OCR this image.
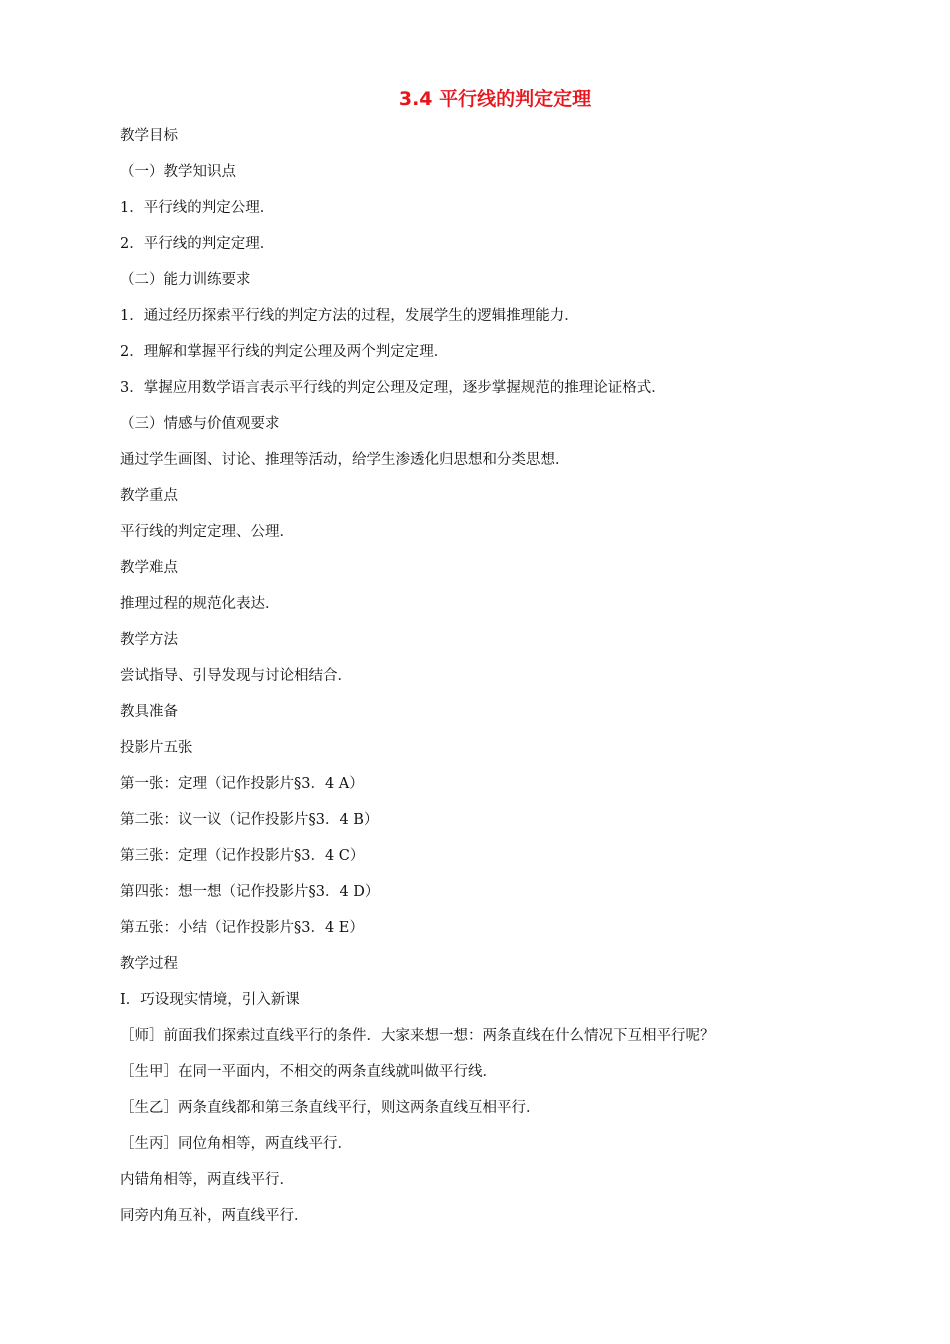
3.4 平行线的判定定理
教学目标
（一）教学知识点
1．平行线的判定公理．
2．平行线的判定定理．
（二）能力训练要求
1．通过经历探索平行线的判定方法的过程，发展学生的逻辑推理能力．
2．理解和掌握平行线的判定公理及两个判定定理．
3．掌握应用数学语言表示平行线的判定公理及定理，逐步掌握规范的推理论证格式．
（三）情感与价值观要求
通过学生画图、讨论、推理等活动，给学生渗透化归思想和分类思想．
教学重点
平行线的判定定理、公理．
教学难点
推理过程的规范化表达．
教学方法
尝试指导、引导发现与讨论相结合．
教具准备
投影片五张
第一张：定理（记作投影片§3．4 A）
第二张：议一议（记作投影片§3．4 B）
第三张：定理（记作投影片§3．4 C）
第四张：想一想（记作投影片§3．4 D）
第五张：小结（记作投影片§3．4 E）
教学过程
Ⅰ．巧设现实情境，引入新课
［师］前面我们探索过直线平行的条件．大家来想一想：两条直线在什么情况下互相平行呢？
［生甲］在同一平面内，不相交的两条直线就叫做平行线．
［生乙］两条直线都和第三条直线平行，则这两条直线互相平行．
［生丙］同位角相等，两直线平行．
内错角相等，两直线平行．
同旁内角互补，两直线平行．
